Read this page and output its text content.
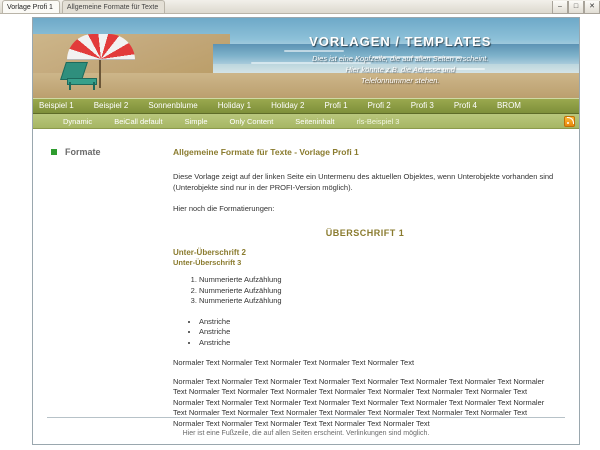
Vorlage Profi 1	Allgemeine Formate für Texte	–	□	✕
VORLAGEN / TEMPLATES
Dies ist eine Kopfzeile, die auf allen Seiten erscheint.
Hier könnte z.B. die Adresse und
Telefonnummer stehen.
Beispiel 1	Beispiel 2	Sonnenblume	Holiday 1	Holiday 2	Profi 1	Profi 2	Profi 3	Profi 4	BROM
Dynamic	BeiCall default	Simple	Only Content	Seiteninhalt	rls-Beispiel 3
Formate	Allgemeine Formate für Texte - Vorlage Profi 1

Diese Vorlage zeigt auf der linken Seite ein Untermenu des aktuellen Objektes, wenn Unterobjekte vorhanden sind (Unterobjekte sind nur in der PROFI-Version möglich).

Hier noch die Formatierungen:

ÜBERSCHRIFT 1
Unter-Überschrift 2
Unter-Überschrift 3
1. Nummerierte Aufzählung
2. Nummerierte Aufzählung
3. Nummerierte Aufzählung
• Anstriche
• Anstriche
• Anstriche
Normaler Text Normaler Text Normaler Text Normaler Text Normaler Text
Normaler Text Normaler Text Normaler Text Normaler Text Normaler Text Normaler Text Normaler Text Normaler Text Normaler Text Normaler Text Normaler Text Normaler Text Normaler Text Normaler Text Normaler Text Normaler Text Normaler Text Normaler Text Normaler Text Normaler Text Normaler Text Normaler Text Normaler Text Normaler Text Normaler Text Normaler Text Normaler Text Normaler Text Normaler Text Normaler Text Normaler Text Normaler Text Normaler Text Text Normaler Text Normaler Text
Hier ist eine Fußzeile, die auf allen Seiten erscheint. Verlinkungen sind möglich.
